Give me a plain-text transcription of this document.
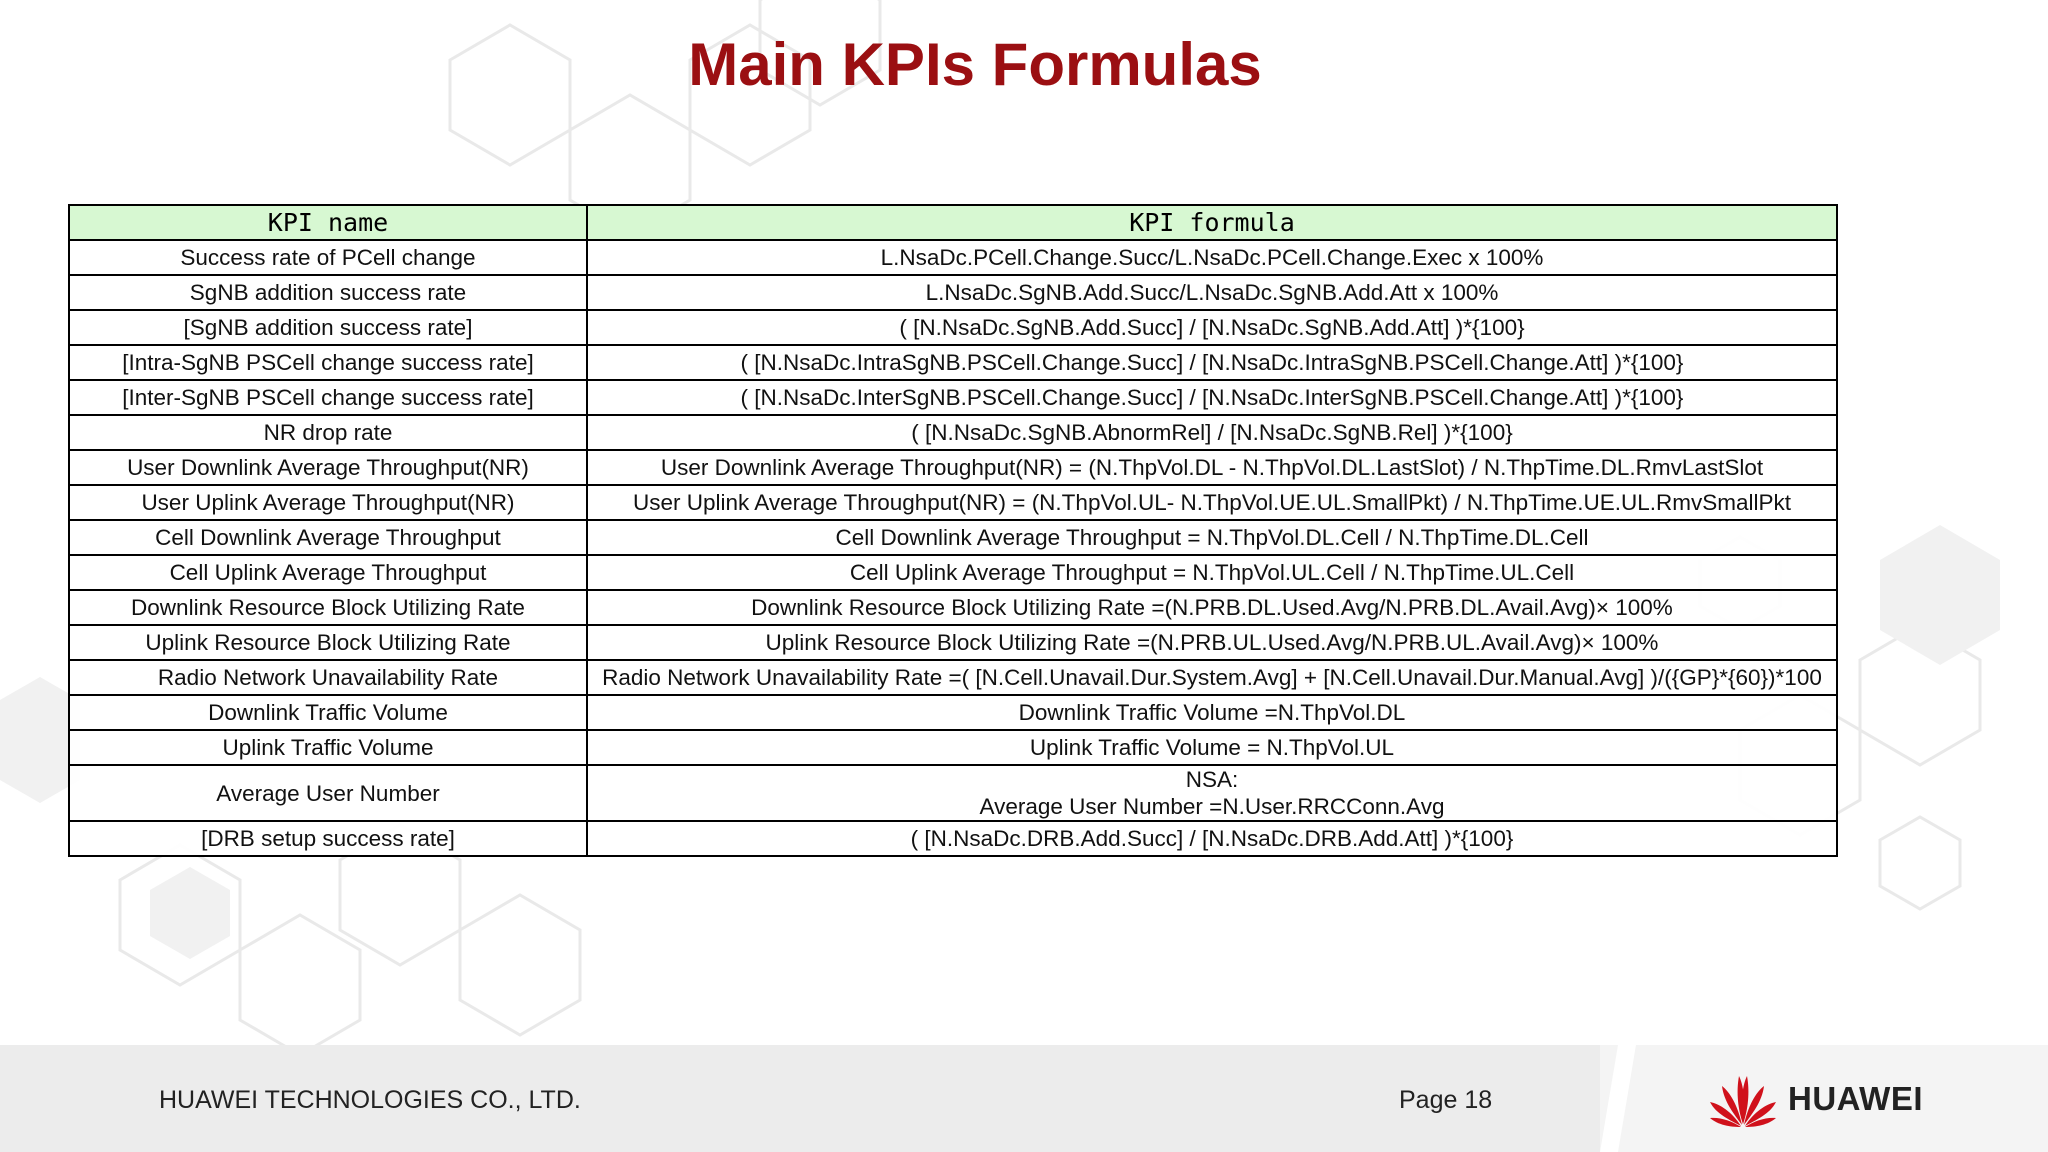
Main KPIs Formulas
KPI name	KPI formula
Success rate of PCell change	L.NsaDc.PCell.Change.Succ/L.NsaDc.PCell.Change.Exec x 100%

SgNB addition success rate	L.NsaDc.SgNB.Add.Succ/L.NsaDc.SgNB.Add.Att x 100%

[SgNB addition success rate]	( [N.NsaDc.SgNB.Add.Succ] / [N.NsaDc.SgNB.Add.Att] )*{100}

[Intra-SgNB PSCell change success rate]	( [N.NsaDc.IntraSgNB.PSCell.Change.Succ] / [N.NsaDc.IntraSgNB.PSCell.Change.Att] )*{100}

[Inter-SgNB PSCell change success rate]	( [N.NsaDc.InterSgNB.PSCell.Change.Succ] / [N.NsaDc.InterSgNB.PSCell.Change.Att] )*{100}

NR drop rate	( [N.NsaDc.SgNB.AbnormRel] / [N.NsaDc.SgNB.Rel] )*{100}

User Downlink Average Throughput(NR)	User Downlink Average Throughput(NR) = (N.ThpVol.DL - N.ThpVol.DL.LastSlot) / N.ThpTime.DL.RmvLastSlot

User Uplink Average Throughput(NR)	User Uplink Average Throughput(NR) = (N.ThpVol.UL- N.ThpVol.UE.UL.SmallPkt) / N.ThpTime.UE.UL.RmvSmallPkt

Cell Downlink Average Throughput	Cell Downlink Average Throughput = N.ThpVol.DL.Cell / N.ThpTime.DL.Cell

Cell Uplink Average Throughput	Cell Uplink Average Throughput = N.ThpVol.UL.Cell / N.ThpTime.UL.Cell

Downlink Resource Block Utilizing Rate	Downlink Resource Block Utilizing Rate =(N.PRB.DL.Used.Avg/N.PRB.DL.Avail.Avg)× 100%

Uplink Resource Block Utilizing Rate	Uplink Resource Block Utilizing Rate =(N.PRB.UL.Used.Avg/N.PRB.UL.Avail.Avg)× 100%

Radio Network Unavailability Rate	Radio Network Unavailability Rate =( [N.Cell.Unavail.Dur.System.Avg] + [N.Cell.Unavail.Dur.Manual.Avg] )/({GP}*{60})*100

Downlink Traffic Volume	Downlink Traffic Volume =N.ThpVol.DL

Uplink Traffic Volume	Uplink Traffic Volume = N.ThpVol.UL

Average User Number	NSA:
Average User Number =N.User.RRCConn.Avg

[DRB setup success rate]	( [N.NsaDc.DRB.Add.Succ] / [N.NsaDc.DRB.Add.Att] )*{100}
HUAWEI TECHNOLOGIES CO., LTD.	Page 18	HUAWEI
